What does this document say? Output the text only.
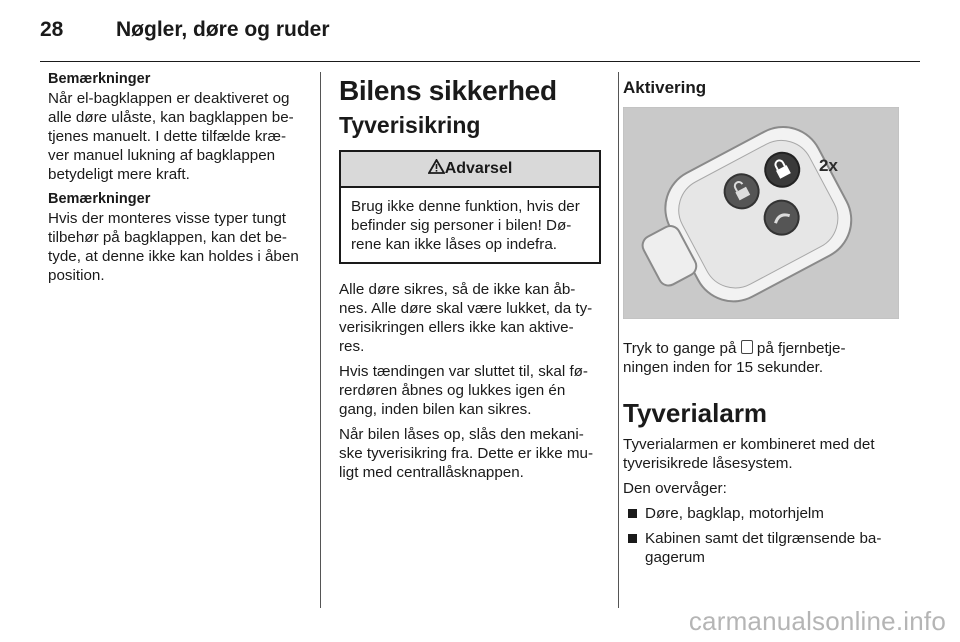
28	Nøgler, døre og ruder
Bemærkninger
Når el-bagklappen er deaktiveret og
alle døre ulåste, kan bagklappen be-
tjenes manuelt. I dette tilfælde kræ-
ver manuel lukning af bagklappen
betydeligt mere kraft.
Bemærkninger
Hvis der monteres visse typer tungt
tilbehør på bagklappen, kan det be-
tyde, at denne ikke kan holdes i åben
position.
Bilens sikkerhed
Tyverisikring
Advarsel
Brug ikke denne funktion, hvis der
befinder sig personer i bilen! Dø-
rene kan ikke låses op indefra.
Alle døre sikres, så de ikke kan åb-
nes. Alle døre skal være lukket, da ty-
verisikringen ellers ikke kan aktive-
res.
Hvis tændingen var sluttet til, skal fø-
rerdøren åbnes og lukkes igen én
gang, inden bilen kan sikres.
Når bilen låses op, slås den mekani-
ske tyverisikring fra. Dette er ikke mu-
ligt med centrallåsknappen.
Aktivering
2x
Tryk to gange på på fjernbetje-
ningen inden for 15 sekunder.
Tyverialarm
Tyverialarmen er kombineret med det
tyverisikrede låsesystem.
Den overvåger:
Døre, bagklap, motorhjelm
Kabinen samt det tilgrænsende ba-
gagerum
carmanualsonline.info
